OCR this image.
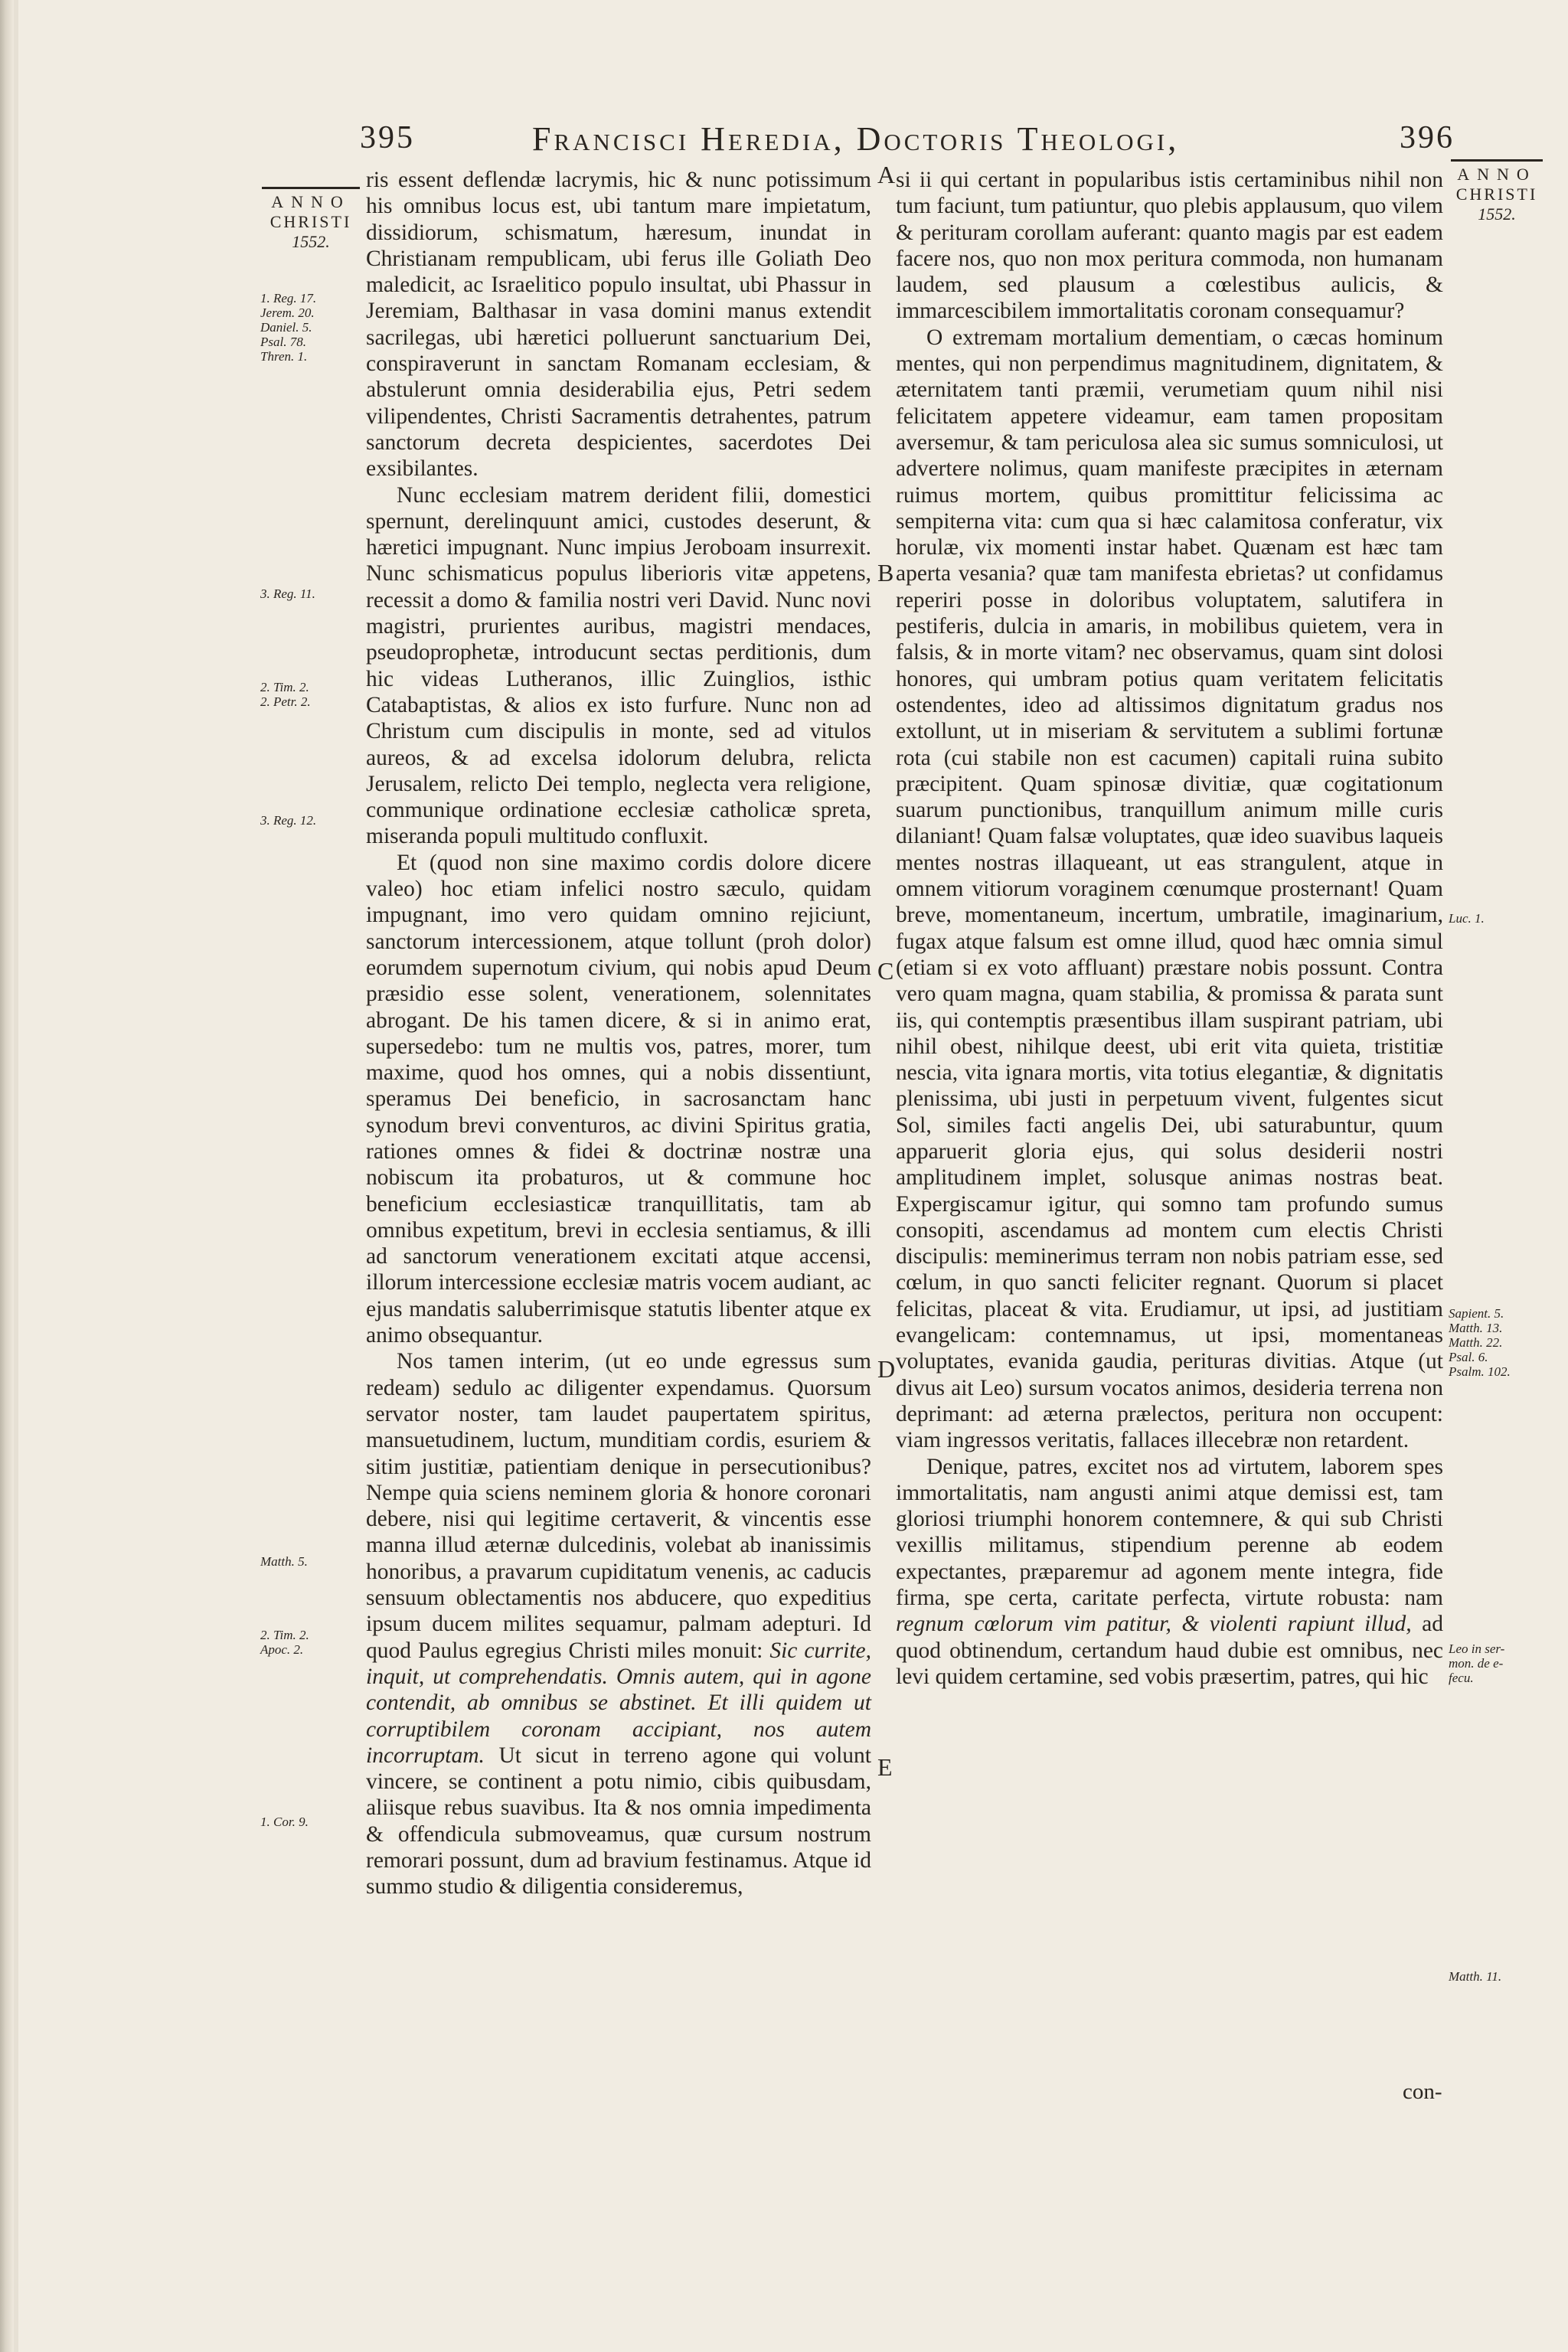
395	Francisci Heredia, Doctoris Theologi,	396
ANNO
CHRISTI
1552.
ANNO
CHRISTI
1552.
1. Reg. 17.
Jerem. 20.
Daniel. 5.
Psal. 78.
Thren. 1.
3. Reg. 11.
2. Tim. 2.
2. Petr. 2.
3. Reg. 12.
Matth. 5.
2. Tim. 2.
Apoc. 2.
1. Cor. 9.
Luc. 1.
Sapient. 5.
Matth. 13.
Matth. 22.
Psal. 6.
Psalm. 102.
Leo in ser-
mon. de e-
fecu.
Matth. 11.
A
B
C
D
E

ris essent deflendæ lacrymis, hic & nunc potissimum his omnibus locus est, ubi tantum mare impietatum, dissidiorum, schismatum, hæresum, inundat in Christianam rempublicam, ubi ferus ille Goliath Deo maledicit, ac Israelitico populo insultat, ubi Phassur in Jeremiam, Balthasar in vasa domini manus extendit sacrilegas, ubi hæretici polluerunt sanctuarium Dei, conspiraverunt in sanctam Romanam ecclesiam, & abstulerunt omnia desiderabilia ejus, Petri sedem vilipendentes, Christi Sacramentis detrahentes, patrum sanctorum decreta despicientes, sacerdotes Dei exsibilantes.

Nunc ecclesiam matrem derident filii, domestici spernunt, derelinquunt amici, custodes deserunt, & hæretici impugnant. Nunc impius Jeroboam insurrexit. Nunc schismaticus populus liberioris vitæ appetens, recessit a domo & familia nostri veri David. Nunc novi magistri, prurientes auribus, magistri mendaces, pseudoprophetæ, introducunt sectas perditionis, dum hic videas Lutheranos, illic Zuinglios, isthic Catabaptistas, & alios ex isto furfure. Nunc non ad Christum cum discipulis in monte, sed ad vitulos aureos, & ad excelsa idolorum delubra, relicta Jerusalem, relicto Dei templo, neglecta vera religione, communique ordinatione ecclesiæ catholicæ spreta, miseranda populi multitudo confluxit.

Et (quod non sine maximo cordis dolore dicere valeo) hoc etiam infelici nostro sæculo, quidam impugnant, imo vero quidam omnino rejiciunt, sanctorum intercessionem, atque tollunt (proh dolor) eorumdem supernotum civium, qui nobis apud Deum præsidio esse solent, venerationem, solennitates abrogant. De his tamen dicere, & si in animo erat, supersedebo: tum ne multis vos, patres, morer, tum maxime, quod hos omnes, qui a nobis dissentiunt, speramus Dei beneficio, in sacrosanctam hanc synodum brevi conventuros, ac divini Spiritus gratia, rationes omnes & fidei & doctrinæ nostræ una nobiscum ita probaturos, ut & commune hoc beneficium ecclesiasticæ tranquillitatis, tam ab omnibus expetitum, brevi in ecclesia sentiamus, & illi ad sanctorum venerationem excitati atque accensi, illorum intercessione ecclesiæ matris vocem audiant, ac ejus mandatis saluberrimisque statutis libenter atque ex animo obsequantur.

Nos tamen interim, (ut eo unde egressus sum redeam) sedulo ac diligenter expendamus. Quorsum servator noster, tam laudet paupertatem spiritus, mansuetudinem, luctum, munditiam cordis, esuriem & sitim justitiæ, patientiam denique in persecutionibus? Nempe quia sciens neminem gloria & honore coronari debere, nisi qui legitime certaverit, & vincentis esse manna illud æternæ dulcedinis, volebat ab inanissimis honoribus, a pravarum cupiditatum venenis, ac caducis sensuum oblectamentis nos abducere, quo expeditius ipsum ducem milites sequamur, palmam adepturi. Id quod Paulus egregius Christi miles monuit: Sic currite, inquit, ut comprehendatis. Omnis autem, qui in agone contendit, ab omnibus se abstinet. Et illi quidem ut corruptibilem coronam accipiant, nos autem incorruptam. Ut sicut in terreno agone qui volunt vincere, se continent a potu nimio, cibis quibusdam, aliisque rebus suavibus. Ita & nos omnia impedimenta & offendicula submoveamus, quæ cursum nostrum remorari possunt, dum ad bravium festinamus. Atque id summo studio & diligentia consideremus,

si ii qui certant in popularibus istis certaminibus nihil non tum faciunt, tum patiuntur, quo plebis applausum, quo vilem & perituram corollam auferant: quanto magis par est eadem facere nos, quo non mox peritura commoda, non humanam laudem, sed plausum a cœlestibus aulicis, & immarcescibilem immortalitatis coronam consequamur?

O extremam mortalium dementiam, o cæcas hominum mentes, qui non perpendimus magnitudinem, dignitatem, & æternitatem tanti præmii, verumetiam quum nihil nisi felicitatem appetere videamur, eam tamen propositam aversemur, & tam periculosa alea sic sumus somniculosi, ut advertere nolimus, quam manifeste præcipites in æternam ruimus mortem, quibus promittitur felicissima ac sempiterna vita: cum qua si hæc calamitosa conferatur, vix horulæ, vix momenti instar habet. Quænam est hæc tam aperta vesania? quæ tam manifesta ebrietas? ut confidamus reperiri posse in doloribus voluptatem, salutifera in pestiferis, dulcia in amaris, in mobilibus quietem, vera in falsis, & in morte vitam? nec observamus, quam sint dolosi honores, qui umbram potius quam veritatem felicitatis ostendentes, ideo ad altissimos dignitatum gradus nos extollunt, ut in miseriam & servitutem a sublimi fortunæ rota (cui stabile non est cacumen) capitali ruina subito præcipitent. Quam spinosæ divitiæ, quæ cogitationum suarum punctionibus, tranquillum animum mille curis dilaniant! Quam falsæ voluptates, quæ ideo suavibus laqueis mentes nostras illaqueant, ut eas strangulent, atque in omnem vitiorum voraginem cœnumque prosternant! Quam breve, momentaneum, incertum, umbratile, imaginarium, fugax atque falsum est omne illud, quod hæc omnia simul (etiam si ex voto affluant) præstare nobis possunt. Contra vero quam magna, quam stabilia, & promissa & parata sunt iis, qui contemptis præsentibus illam suspirant patriam, ubi nihil obest, nihilque deest, ubi erit vita quieta, tristitiæ nescia, vita ignara mortis, vita totius elegantiæ, & dignitatis plenissima, ubi justi in perpetuum vivent, fulgentes sicut Sol, similes facti angelis Dei, ubi saturabuntur, quum apparuerit gloria ejus, qui solus desiderii nostri amplitudinem implet, solusque animas nostras beat. Expergiscamur igitur, qui somno tam profundo sumus consopiti, ascendamus ad montem cum electis Christi discipulis: meminerimus terram non nobis patriam esse, sed cœlum, in quo sancti feliciter regnant. Quorum si placet felicitas, placeat & vita. Erudiamur, ut ipsi, ad justitiam evangelicam: contemnamus, ut ipsi, momentaneas voluptates, evanida gaudia, perituras divitias. Atque (ut divus ait Leo) sursum vocatos animos, desideria terrena non deprimant: ad æterna prælectos, peritura non occupent: viam ingressos veritatis, fallaces illecebræ non retardent.

Denique, patres, excitet nos ad virtutem, laborem spes immortalitatis, nam angusti animi atque demissi est, tam gloriosi triumphi honorem contemnere, & qui sub Christi vexillis militamus, stipendium perenne ab eodem expectantes, præparemur ad agonem mente integra, fide firma, spe certa, caritate perfecta, virtute robusta: nam regnum cœlorum vim patitur, & violenti rapiunt illud, ad quod obtinendum, certandum haud dubie est omnibus, nec levi quidem certamine, sed vobis præsertim, patres, qui hic

con-
